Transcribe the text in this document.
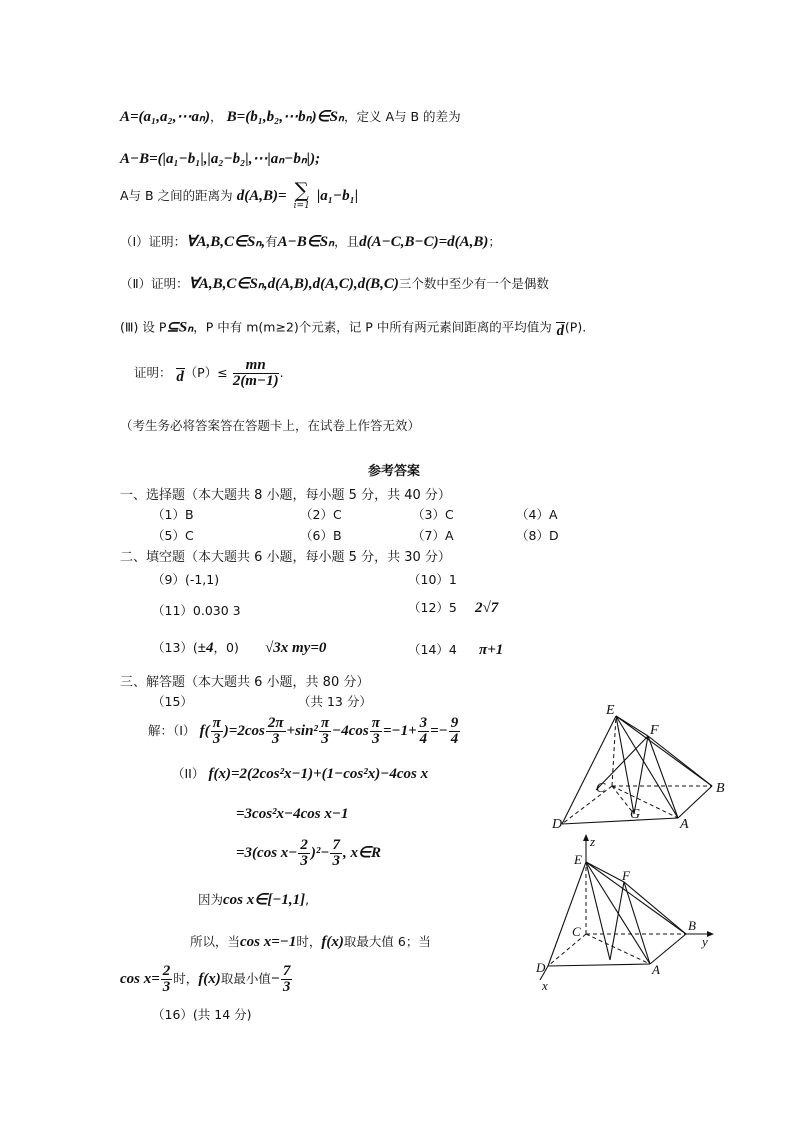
A=(a₁,a₂,⋯aₙ)， B=(b₁,b₂,⋯bₙ)∈Sₙ，定义 A与 B 的差为
A−B=(|a₁−b₁|,|a₂−b₂|,⋯|aₙ−bₙ|);
A与 B 之间的距离为 d(A,B)= ∑
i=1
|a₁−b₁|
（Ⅰ）证明：∀A,B,C∈Sₙ,有A−B∈Sₙ，且d(A−C,B−C)=d(A,B)；
（Ⅱ）证明：∀A,B,C∈Sₙ,d(A,B),d(A,C),d(B,C)三个数中至少有一个是偶数
(Ⅲ) 设 P⊆Sₙ，P 中有 m(m≥2)个元素，记 P 中所有两元素间距离的平均值为 d(P).
证明： $d(P)\le \frac{mn}{2(m-1)}$ .
（考生务必将答案答在答题卡上，在试卷上作答无效）
参考答案
一、选择题（本大题共 8 小题，每小题 5 分，共 40 分）
（1）B	（2）C	（3）C	（4）A
（5）C	（6）B	（7）A	（8）D
二、填空题（本大题共 6 小题，每小题 5 分，共 30 分）
（9）(-1,1)	（10）1
（11）0.030 3	（12）5 2√7
（13）(±4，0) √3x my=0	（14）4 π+1
三、解答题（本大题共 6 小题，共 80 分）
（15）	（共 13 分）
解：（I） $f( \frac{\pi}{3} )=2\cos \frac{2\pi}{3} +\sin^2 \frac{\pi}{3} -4\cos \frac{\pi}{3} =-1+ \frac{3}{4} =- \frac{9}{4}$
（II） f(x)=2(2cos²x−1)+(1−cos²x)−4cos x
=3cos²x−4cos x−1
=3(cos $x- \frac{2}{3} )^2- \frac{7}{3}$ , x∈R
因为cos x∈[−1,1],
所以，当cos x=−1时，f(x)取最大值 6；当
$\cos x= \frac{2}{3}$ 时，f(x)取最小值− $\frac{7}{3}$
（16）(共 14 分)
E
F
C	B
D
G
A
z
E
F
C	B
y
D	A
x
